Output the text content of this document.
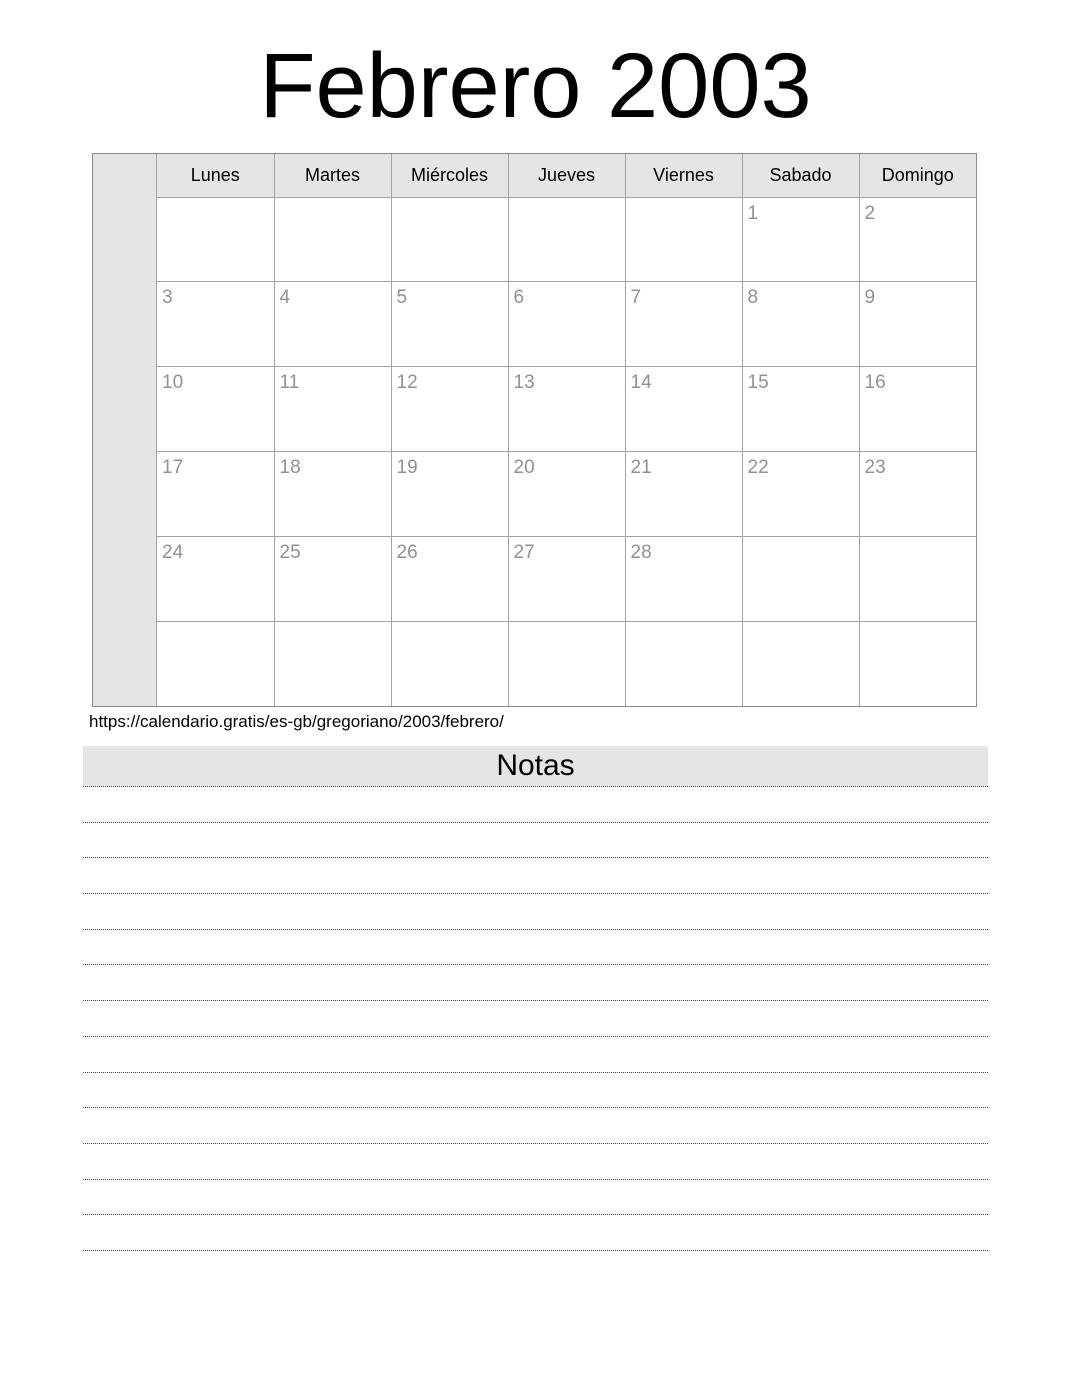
Febrero 2003
Lunes	Martes	Miércoles	Jueves	Viernes	Sabado	Domingo
					1	2
3	4	5	6	7	8	9
10	11	12	13	14	15	16
17	18	19	20	21	22	23
24	25	26	27	28		

https://calendario.gratis/es-gb/gregoriano/2003/febrero/
Notas
